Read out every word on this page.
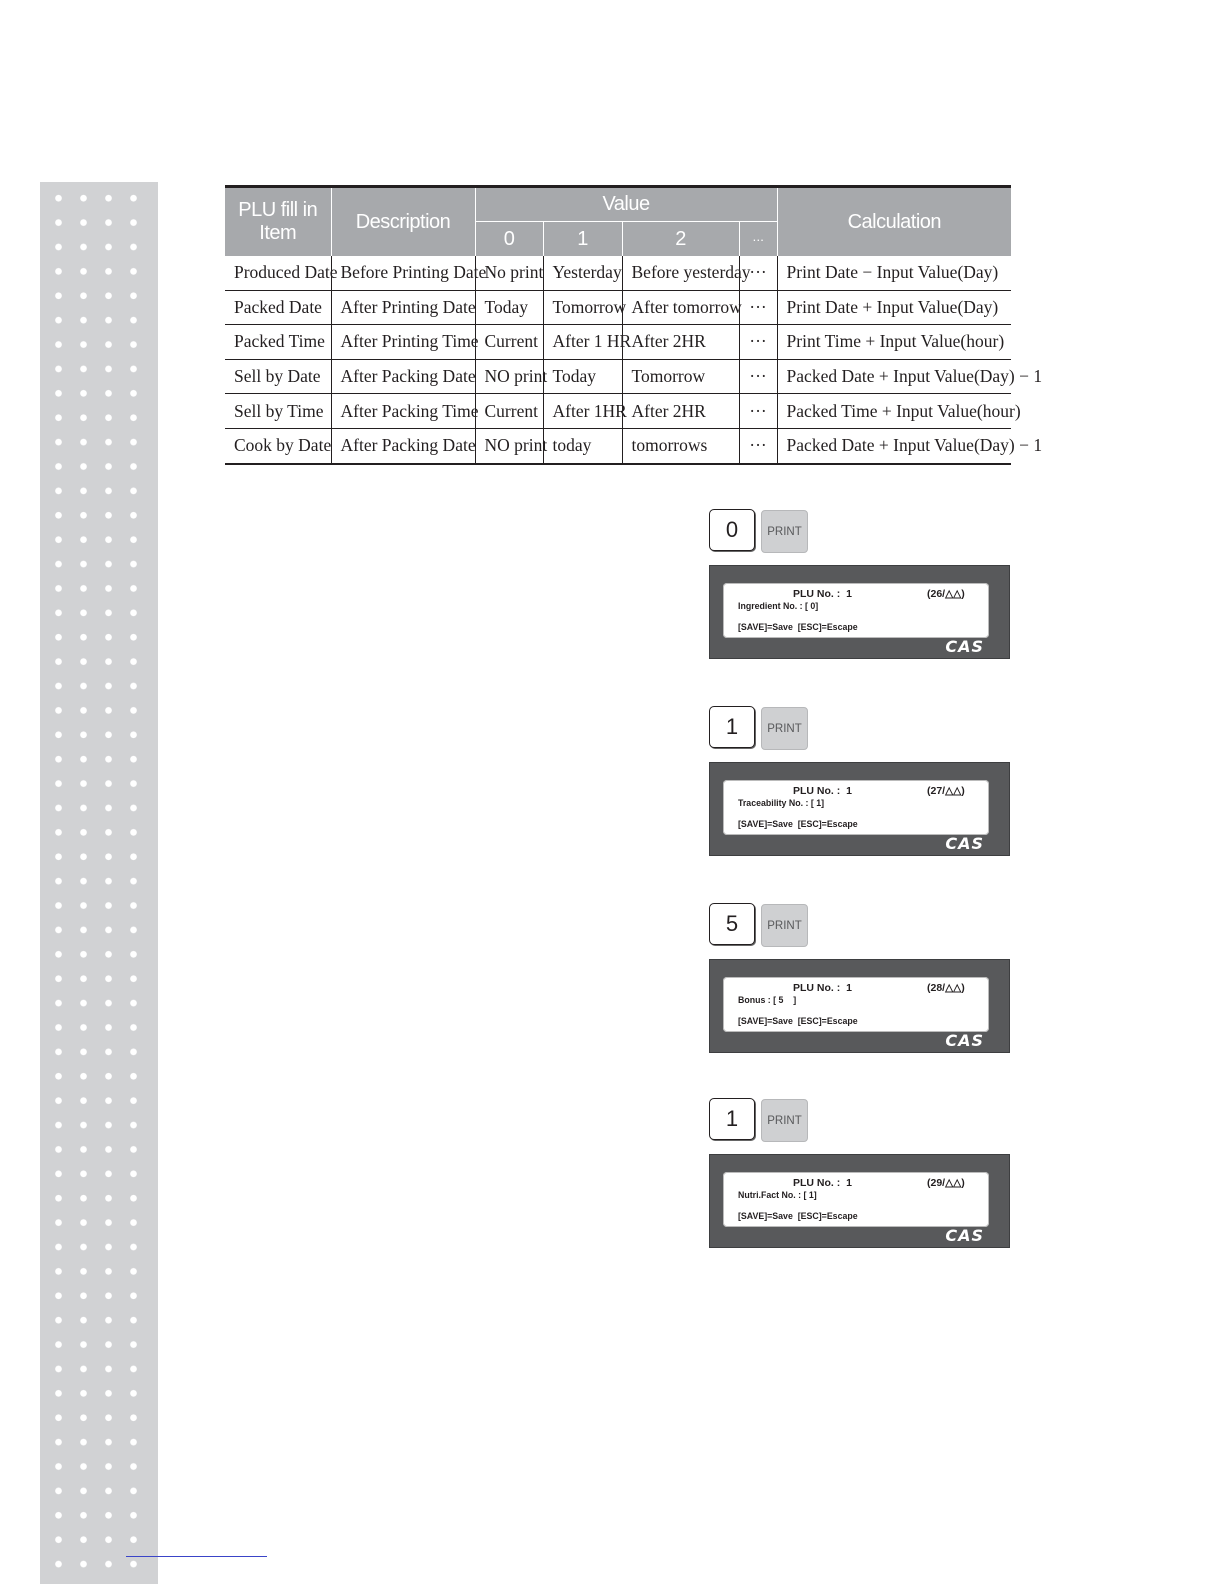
PLU fill in Item	Description	Value				Calculation
		0	1	2	···	
Produced Date	Before Printing Date	No print	Yesterday	Before yesterday	···	Print Date − Input Value(Day)
Packed Date	After Printing Date	Today	Tomorrow	After tomorrow	···	Print Date + Input Value(Day)
Packed Time	After Printing Time	Current	After 1 HR	After 2HR	···	Print Time + Input Value(hour)
Sell by Date	After Packing Date	NO print	Today	Tomorrow	···	Packed Date + Input Value(Day) − 1
Sell by Time	After Packing Time	Current	After 1HR	After 2HR	···	Packed Time + Input Value(hour)
Cook by Date	After Packing Date	NO print	today	tomorrows	···	Packed Date + Input Value(Day) − 1
0	PRINT
PLU No. :  1	(26/△△)
Ingredient No. : [ 0]
[SAVE]=Save  [ESC]=Escape
CAS
1	PRINT
PLU No. :  1	(27/△△)
Traceability No. : [ 1]
[SAVE]=Save  [ESC]=Escape
CAS
5	PRINT
PLU No. :  1	(28/△△)
Bonus : [ 5    ]
[SAVE]=Save  [ESC]=Escape
CAS
1	PRINT
PLU No. :  1	(29/△△)
Nutri.Fact No. : [ 1]
[SAVE]=Save  [ESC]=Escape
CAS
